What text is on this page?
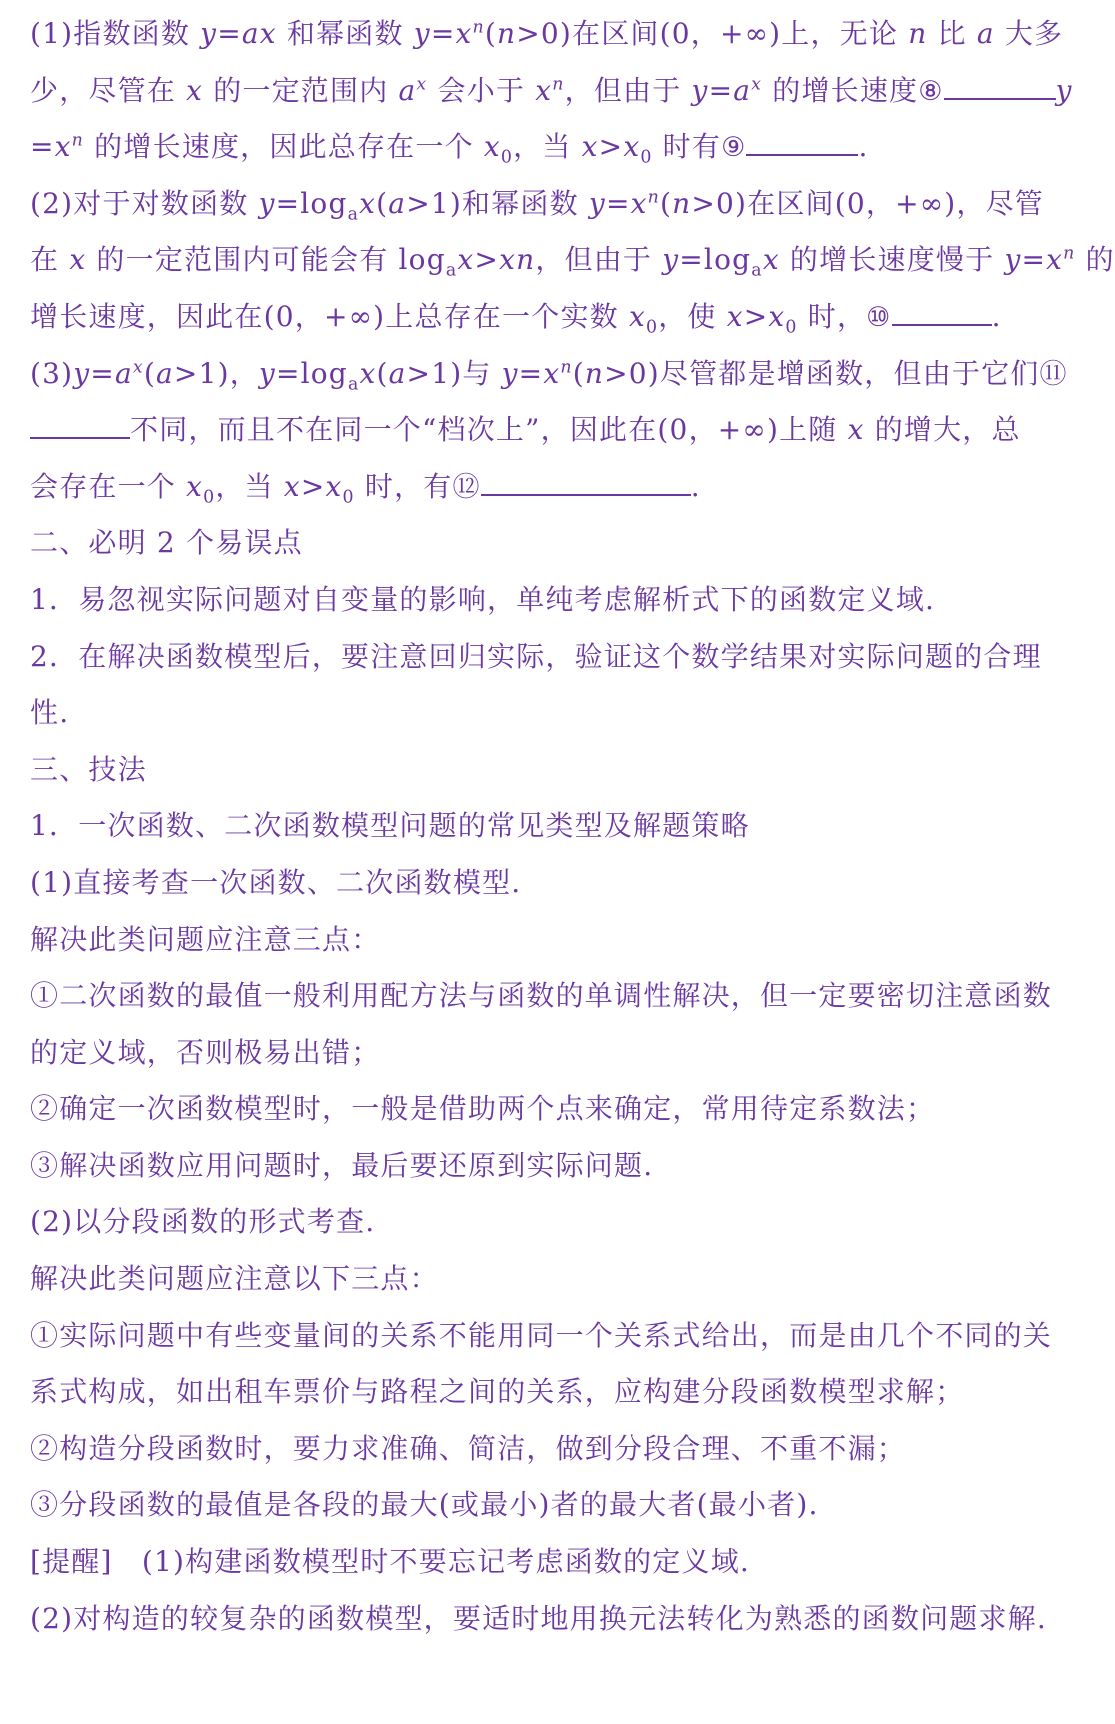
(1)指数函数 y=ax 和幂函数 $y=x^n(n>0)$在区间(0，+∞)上，无论 n 比 a 大多
少，尽管在 x 的一定范围内 $a^x$ 会小于 $x^n$，但由于 $y=a^x$ 的增长速度⑧	y
$=x^n$ 的增长速度，因此总存在一个 $x_0$，当 $x>x_0$ 时有⑨	.
(2)对于对数函数 $y=\log_ax(a>1)$和幂函数 $y=x^n(n>0)$在区间(0，+∞)，尽管
在 x 的一定范围内可能会有 $\log_ax>xn$，但由于 $y=\log_ax$ 的增长速度慢于 $y=x^n$ 的
增长速度，因此在(0，+∞)上总存在一个实数 $x_0$，使 $x>x_0$ 时，⑩	.
$(3)y=a^x(a>1)$，$y=\log_ax(a>1)$与 $y=x^n(n>0)$尽管都是增函数，但由于它们⑪
不同，而且不在同一个“档次上”，因此在(0，+∞)上随 x 的增大，总
会存在一个 $x_0$，当 $x>x_0$ 时，有⑫	.
二、必明 2 个易误点
1．易忽视实际问题对自变量的影响，单纯考虑解析式下的函数定义域.
2．在解决函数模型后，要注意回归实际，验证这个数学结果对实际问题的合理
性.
三、技法
1．一次函数、二次函数模型问题的常见类型及解题策略
(1)直接考查一次函数、二次函数模型.
解决此类问题应注意三点：
①二次函数的最值一般利用配方法与函数的单调性解决，但一定要密切注意函数
的定义域，否则极易出错；
②确定一次函数模型时，一般是借助两个点来确定，常用待定系数法；
③解决函数应用问题时，最后要还原到实际问题.
(2)以分段函数的形式考查.
解决此类问题应注意以下三点：
①实际问题中有些变量间的关系不能用同一个关系式给出，而是由几个不同的关
系式构成，如出租车票价与路程之间的关系，应构建分段函数模型求解；
②构造分段函数时，要力求准确、简洁，做到分段合理、不重不漏；
③分段函数的最值是各段的最大(或最小)者的最大者(最小者).
[提醒]　(1)构建函数模型时不要忘记考虑函数的定义域.
(2)对构造的较复杂的函数模型，要适时地用换元法转化为熟悉的函数问题求解.
